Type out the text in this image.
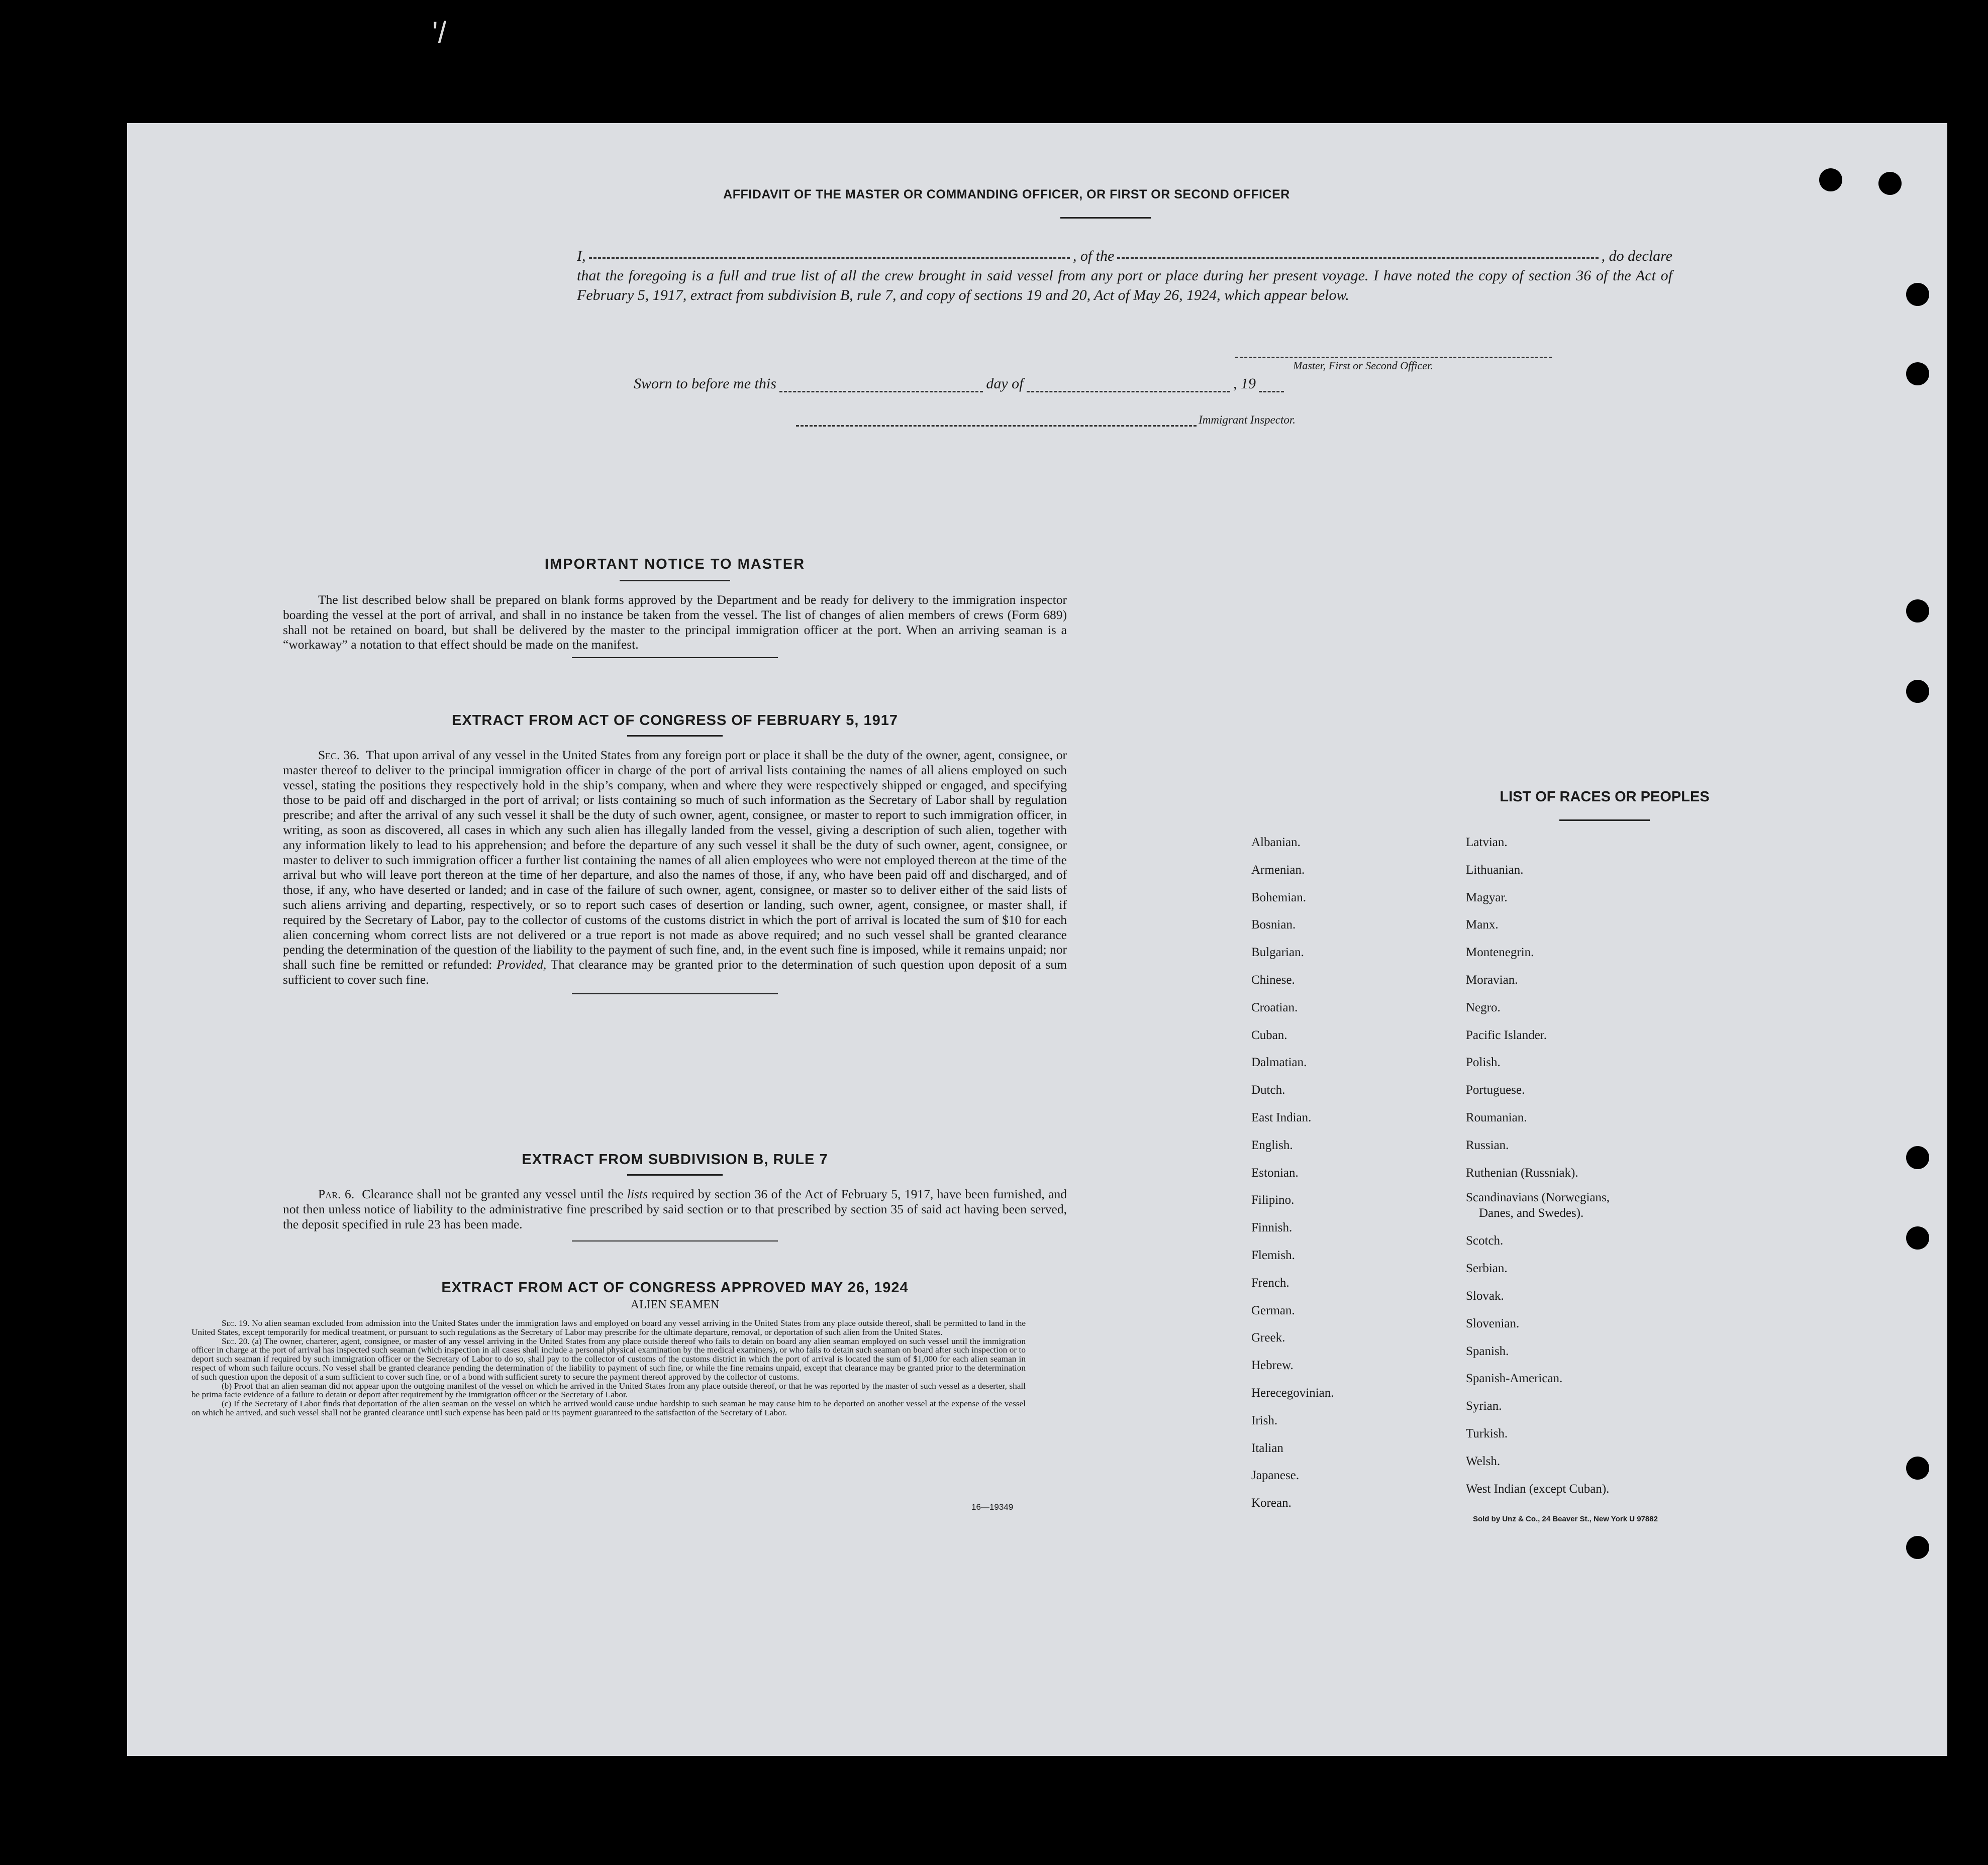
'/
AFFIDAVIT OF THE MASTER OR COMMANDING OFFICER, OR FIRST OR SECOND OFFICER
I,	, of the	, do declare
that the foregoing is a full and true list of all the crew brought in said vessel from any port or place during her present voyage. I have noted the copy of section 36 of the Act of February 5, 1917, extract from subdivision B, rule 7, and copy of sections 19 and 20, Act of May 26, 1924, which appear below.
Master, First or Second Officer.
Sworn to before me this	day of	, 19
Immigrant Inspector.
IMPORTANT NOTICE TO MASTER
The list described below shall be prepared on blank forms approved by the Department and be ready for delivery to the immigration inspector boarding the vessel at the port of arrival, and shall in no instance be taken from the vessel. The list of changes of alien members of crews (Form 689) shall not be retained on board, but shall be delivered by the master to the principal immigration officer at the port. When an arriving seaman is a “workaway” a notation to that effect should be made on the manifest.
EXTRACT FROM ACT OF CONGRESS OF FEBRUARY 5, 1917
Sec. 36. That upon arrival of any vessel in the United States from any foreign port or place it shall be the duty of the owner, agent, consignee, or master thereof to deliver to the principal immigration officer in charge of the port of arrival lists containing the names of all aliens employed on such vessel, stating the positions they respectively hold in the ship’s company, when and where they were respectively shipped or engaged, and specifying those to be paid off and discharged in the port of arrival; or lists containing so much of such information as the Secretary of Labor shall by regulation prescribe; and after the arrival of any such vessel it shall be the duty of such owner, agent, consignee, or master to report to such immigration officer, in writing, as soon as discovered, all cases in which any such alien has illegally landed from the vessel, giving a description of such alien, together with any information likely to lead to his apprehension; and before the departure of any such vessel it shall be the duty of such owner, agent, consignee, or master to deliver to such immigration officer a further list containing the names of all alien employees who were not employed thereon at the time of the arrival but who will leave port thereon at the time of her departure, and also the names of those, if any, who have been paid off and discharged, and of those, if any, who have deserted or landed; and in case of the failure of such owner, agent, consignee, or master so to deliver either of the said lists of such aliens arriving and departing, respectively, or so to report such cases of desertion or landing, such owner, agent, consignee, or master shall, if required by the Secretary of Labor, pay to the collector of customs of the customs district in which the port of arrival is located the sum of $10 for each alien concerning whom correct lists are not delivered or a true report is not made as above required; and no such vessel shall be granted clearance pending the determination of the question of the liability to the payment of such fine, and, in the event such fine is imposed, while it remains unpaid; nor shall such fine be remitted or refunded: Provided, That clearance may be granted prior to the determination of such question upon deposit of a sum sufficient to cover such fine.
EXTRACT FROM SUBDIVISION B, RULE 7
Par. 6. Clearance shall not be granted any vessel until the lists required by section 36 of the Act of February 5, 1917, have been furnished, and not then unless notice of liability to the administrative fine prescribed by said section or to that prescribed by section 35 of said act having been served, the deposit specified in rule 23 has been made.
EXTRACT FROM ACT OF CONGRESS APPROVED MAY 26, 1924
ALIEN SEAMEN
Sec. 19. No alien seaman excluded from admission into the United States under the immigration laws and employed on board any vessel arriving in the United States from any place outside thereof, shall be permitted to land in the United States, except temporarily for medical treatment, or pursuant to such regulations as the Secretary of Labor may prescribe for the ultimate departure, removal, or deportation of such alien from the United States.
Sec. 20. (a) The owner, charterer, agent, consignee, or master of any vessel arriving in the United States from any place outside thereof who fails to detain on board any alien seaman employed on such vessel until the immigration officer in charge at the port of arrival has inspected such seaman (which inspection in all cases shall include a personal physical examination by the medical examiners), or who fails to detain such seaman on board after such inspection or to deport such seaman if required by such immigration officer or the Secretary of Labor to do so, shall pay to the collector of customs of the customs district in which the port of arrival is located the sum of $1,000 for each alien seaman in respect of whom such failure occurs. No vessel shall be granted clearance pending the determination of the liability to payment of such fine, or while the fine remains unpaid, except that clearance may be granted prior to the determination of such question upon the deposit of a sum sufficient to cover such fine, or of a bond with sufficient surety to secure the payment thereof approved by the collector of customs.
(b) Proof that an alien seaman did not appear upon the outgoing manifest of the vessel on which he arrived in the United States from any place outside thereof, or that he was reported by the master of such vessel as a deserter, shall be prima facie evidence of a failure to detain or deport after requirement by the immigration officer or the Secretary of Labor.
(c) If the Secretary of Labor finds that deportation of the alien seaman on the vessel on which he arrived would cause undue hardship to such seaman he may cause him to be deported on another vessel at the expense of the vessel on which he arrived, and such vessel shall not be granted clearance until such expense has been paid or its payment guaranteed to the satisfaction of the Secretary of Labor.
16—19349
LIST OF RACES OR PEOPLES
Albanian.
Armenian.
Bohemian.
Bosnian.
Bulgarian.
Chinese.
Croatian.
Cuban.
Dalmatian.
Dutch.
East Indian.
English.
Estonian.
Filipino.
Finnish.
Flemish.
French.
German.
Greek.
Hebrew.
Herecegovinian.
Irish.
Italian
Japanese.
Korean.
Latvian.
Lithuanian.
Magyar.
Manx.
Montenegrin.
Moravian.
Negro.
Pacific Islander.
Polish.
Portuguese.
Roumanian.
Russian.
Ruthenian (Russniak).
Scandinavians (Norwegians,
Danes, and Swedes).
Scotch.
Serbian.
Slovak.
Slovenian.
Spanish.
Spanish-American.
Syrian.
Turkish.
Welsh.
West Indian (except Cuban).
Sold by Unz & Co., 24 Beaver St., New York U 97882
